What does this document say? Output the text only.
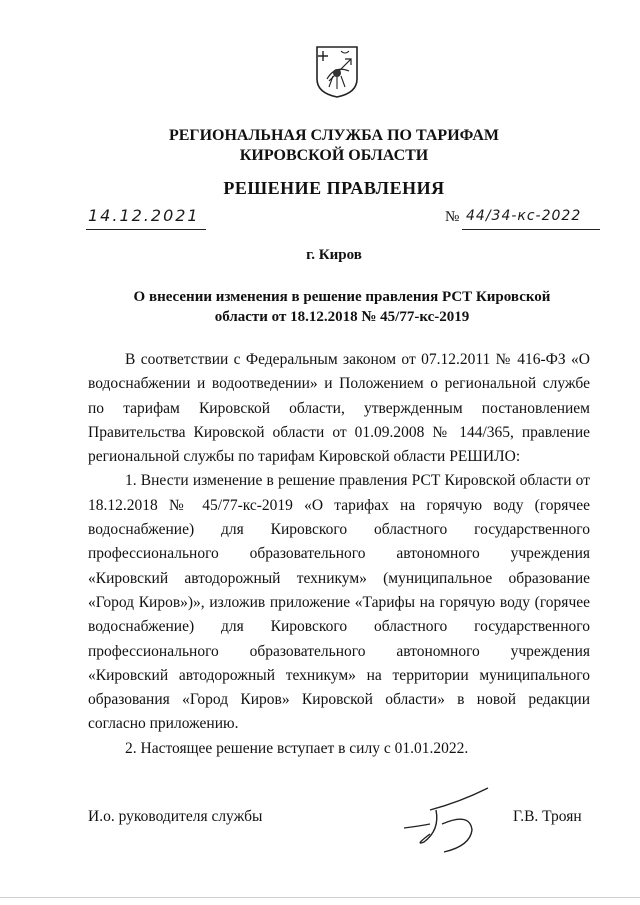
РЕГИОНАЛЬНАЯ СЛУЖБА ПО ТАРИФАМ
КИРОВСКОЙ ОБЛАСТИ
РЕШЕНИЕ ПРАВЛЕНИЯ
14.12.2021	№ 44/34-кс-2022
г. Киров
О внесении изменения в решение правления РСТ Кировской области от 18.12.2018 № 45/77-кс-2019

В соответствии с Федеральным законом от 07.12.2011 № 416-ФЗ «О водоснабжении и водоотведении» и Положением о региональной службе по тарифам Кировской области, утвержденным постановлением Правительства Кировской области от 01.09.2008 № 144/365, правление региональной службы по тарифам Кировской области РЕШИЛО:

1. Внести изменение в решение правления РСТ Кировской области от 18.12.2018 № 45/77-кс-2019 «О тарифах на горячую воду (горячее водоснабжение) для Кировского областного государственного профессионального образовательного автономного учреждения «Кировский автодорожный техникум» (муниципальное образование «Город Киров»)», изложив приложение «Тарифы на горячую воду (горячее водоснабжение) для Кировского областного государственного профессионального образовательного автономного учреждения «Кировский автодорожный техникум» на территории муниципального образования «Город Киров» Кировской области» в новой редакции согласно приложению.

2. Настоящее решение вступает в силу с 01.01.2022.

И.о. руководителя службы	Г.В. Троян
